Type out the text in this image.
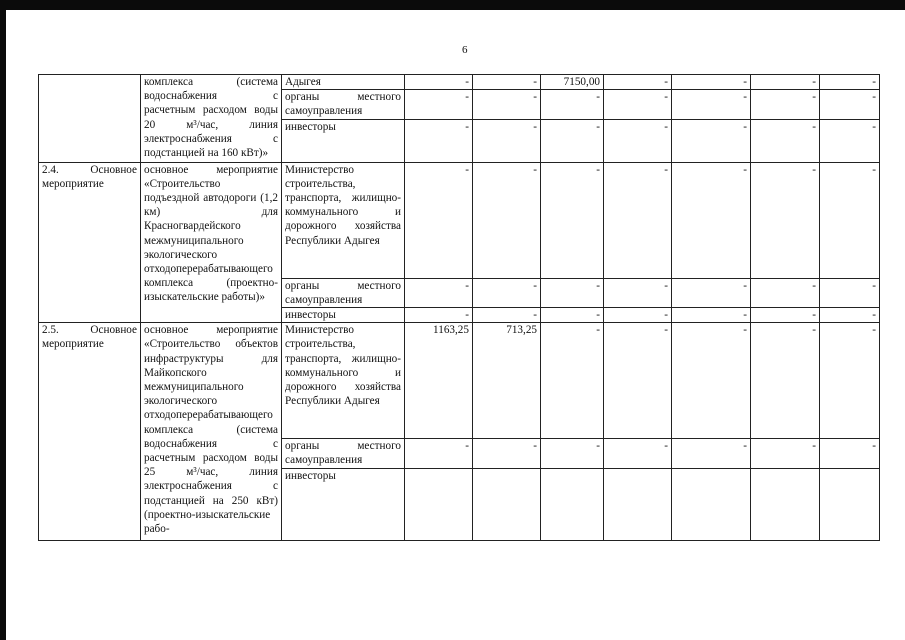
6
	комплекса (система водоснабжения с расчетным расходом воды 20 м³/час, линия электроснабжения с подстанцией на 160 кВт)»	Адыгея	-	-	7150,00	-	-	-	-
		органы местного самоуправления	-	-	-	-	-	-	-
		инвесторы	-	-	-	-	-	-	-
2.4. Основное мероприятие	основное мероприятие «Строительство подъездной автодороги (1,2 км) для Красногвардейского межмуниципального экологического отходоперерабатывающего комплекса (проектно-изыскательские работы)»	Министерство строительства, транспорта, жилищно-коммунального и дорожного хозяйства Республики Адыгея	-	-	-	-	-	-	-
		органы местного самоуправления	-	-	-	-	-	-	-
		инвесторы	-	-	-	-	-	-	-
2.5. Основное мероприятие	основное мероприятие «Строительство объектов инфраструктуры для Майкопского межмуниципального экологического отходоперерабатывающего комплекса (система водоснабжения с расчетным расходом воды 25 м³/час, линия электроснабжения с подстанцией на 250 кВт) (проектно-изыскательские рабо-	Министерство строительства, транспорта, жилищно-коммунального и дорожного хозяйства Республики Адыгея	1163,25	713,25	-	-	-	-	-
		органы местного самоуправления	-	-	-	-	-	-	-
		инвесторы							
